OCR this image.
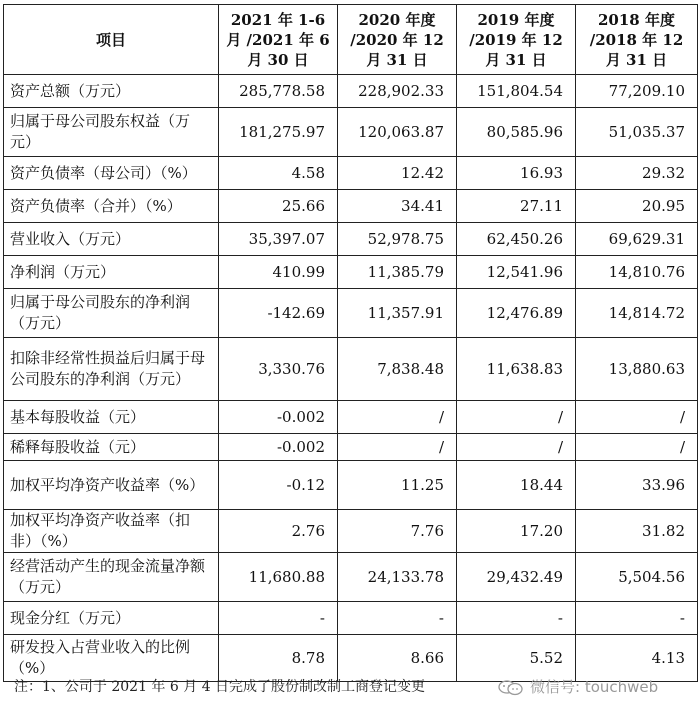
项目	2021 年 1-6 月 /2021 年 6 月 30 日	2020 年度 /2020 年 12 月 31 日	2019 年度 /2019 年 12 月 31 日	2018 年度 /2018 年 12 月 31 日
资产总额（万元）	285,778.58	228,902.33	151,804.54	77,209.10
归属于母公司股东权益（万元）	181,275.97	120,063.87	80,585.96	51,035.37
资产负债率（母公司）（%）	4.58	12.42	16.93	29.32
资产负债率（合并）（%）	25.66	34.41	27.11	20.95
营业收入（万元）	35,397.07	52,978.75	62,450.26	69,629.31
净利润（万元）	410.99	11,385.79	12,541.96	14,810.76
归属于母公司股东的净利润（万元）	-142.69	11,357.91	12,476.89	14,814.72
扣除非经常性损益后归属于母公司股东的净利润（万元）	3,330.76	7,838.48	11,638.83	13,880.63
基本每股收益（元）	-0.002	/	/	/
稀释每股收益（元）	-0.002	/	/	/
加权平均净资产收益率（%）	-0.12	11.25	18.44	33.96
加权平均净资产收益率（扣非）（%）	2.76	7.76	17.20	31.82
经营活动产生的现金流量净额（万元）	11,680.88	24,133.78	29,432.49	5,504.56
现金分红（万元）	-	-	-	-
研发投入占营业收入的比例（%）	8.78	8.66	5.52	4.13
注：1、公司于 2021 年 6 月 4 日完成了股份制改制工商登记变更	微信号: touchweb
